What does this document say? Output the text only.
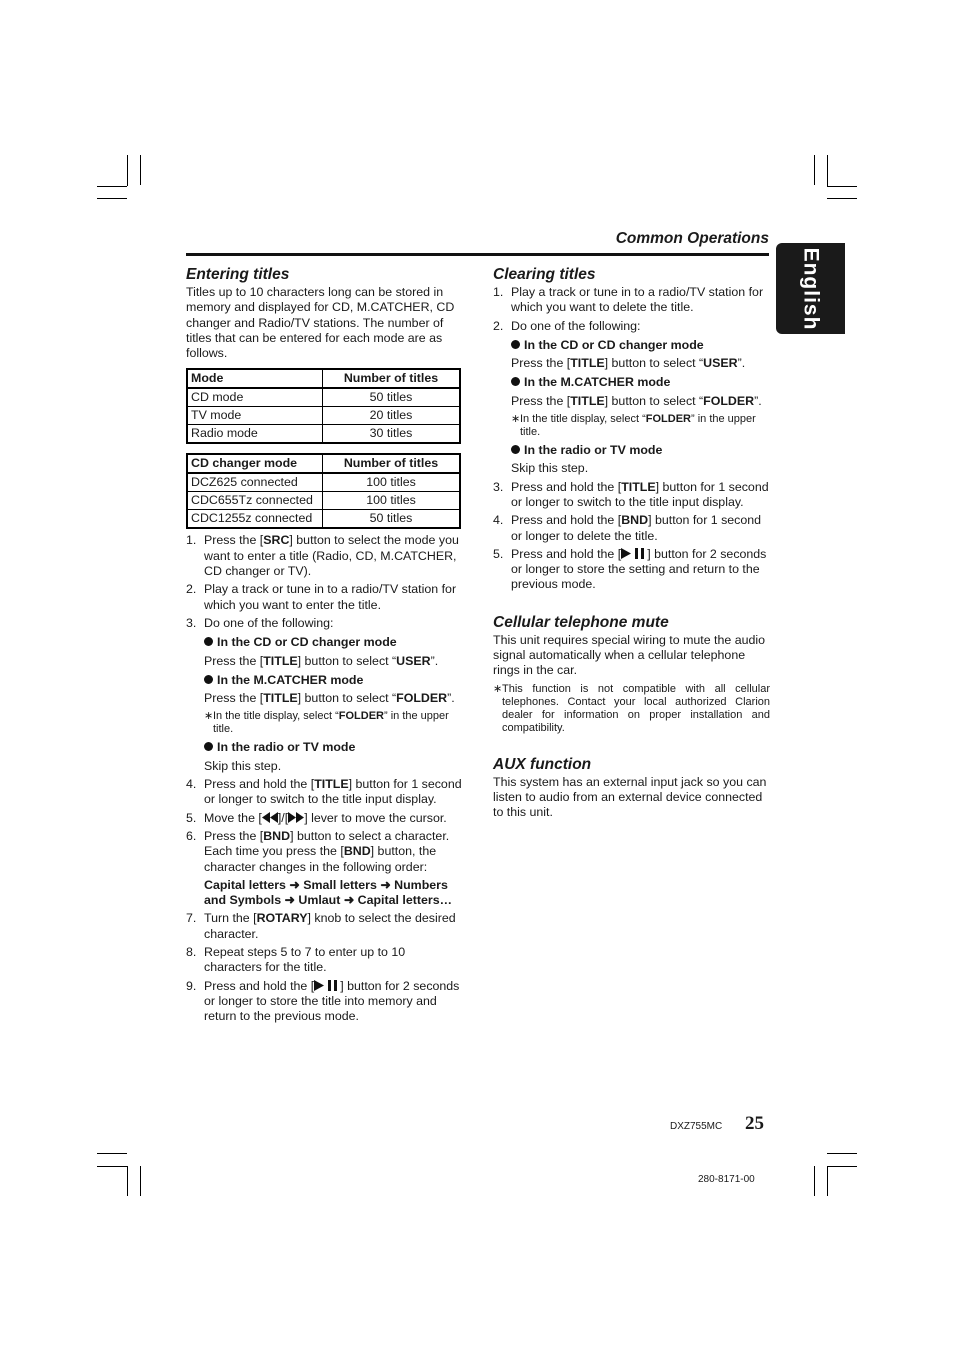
Common Operations
English
Entering titles

Titles up to 10 characters long can be stored in memory and displayed for CD, M.CATCHER, CD changer and Radio/TV stations. The number of titles that can be entered for each mode are as follows.

Mode	Number of titles
CD mode	50 titles
TV mode	20 titles
Radio mode	30 titles
CD changer mode	Number of titles
DCZ625 connected	100 titles
CDC655Tz connected	100 titles
CDC1255z connected	50 titles

1. Press the [SRC] button to select the mode you want to enter a title (Radio, CD, M.CATCHER, CD changer or TV).

2. Play a track or tune in to a radio/TV station for which you want to enter the title.

3. Do one of the following:

In the CD or CD changer mode

Press the [TITLE] button to select “USER”.

In the M.CATCHER mode

Press the [TITLE] button to select “FOLDER”.

∗ In the title display, select “FOLDER” in the upper title.

In the radio or TV mode

Skip this step.

4. Press and hold the [TITLE] button for 1 second or longer to switch to the title input display.

5. Move the [ ]/[ ] lever to move the cursor.

6. Press the [BND] button to select a character. Each time you press the [BND] button, the character changes in the following order:

Capital letters ➜ Small letters ➜ Numbers and Symbols ➜ Umlaut ➜ Capital letters…

7. Turn the [ROTARY] knob to select the desired character.

8. Repeat steps 5 to 7 to enter up to 10 characters for the title.

9. Press and hold the [ ] button for 2 seconds or longer to store the title into memory and return to the previous mode.

Clearing titles

1. Play a track or tune in to a radio/TV station for which you want to delete the title.

2. Do one of the following:

In the CD or CD changer mode

Press the [TITLE] button to select “USER”.

In the M.CATCHER mode

Press the [TITLE] button to select “FOLDER”.

∗ In the title display, select “FOLDER” in the upper title.

In the radio or TV mode

Skip this step.

3. Press and hold the [TITLE] button for 1 second or longer to switch to the title input display.

4. Press and hold the [BND] button for 1 second or longer to delete the title.

5. Press and hold the [ ] button for 2 seconds or longer to store the setting and return to the previous mode.

Cellular telephone mute

This unit requires special wiring to mute the audio signal automatically when a cellular telephone rings in the car.

∗ This function is not compatible with all cellular telephones. Contact your local authorized Clarion dealer for information on proper installation and compatibility.

AUX function

This system has an external input jack so you can listen to audio from an external device connected to this unit.

DXZ755MC 25
280-8171-00
